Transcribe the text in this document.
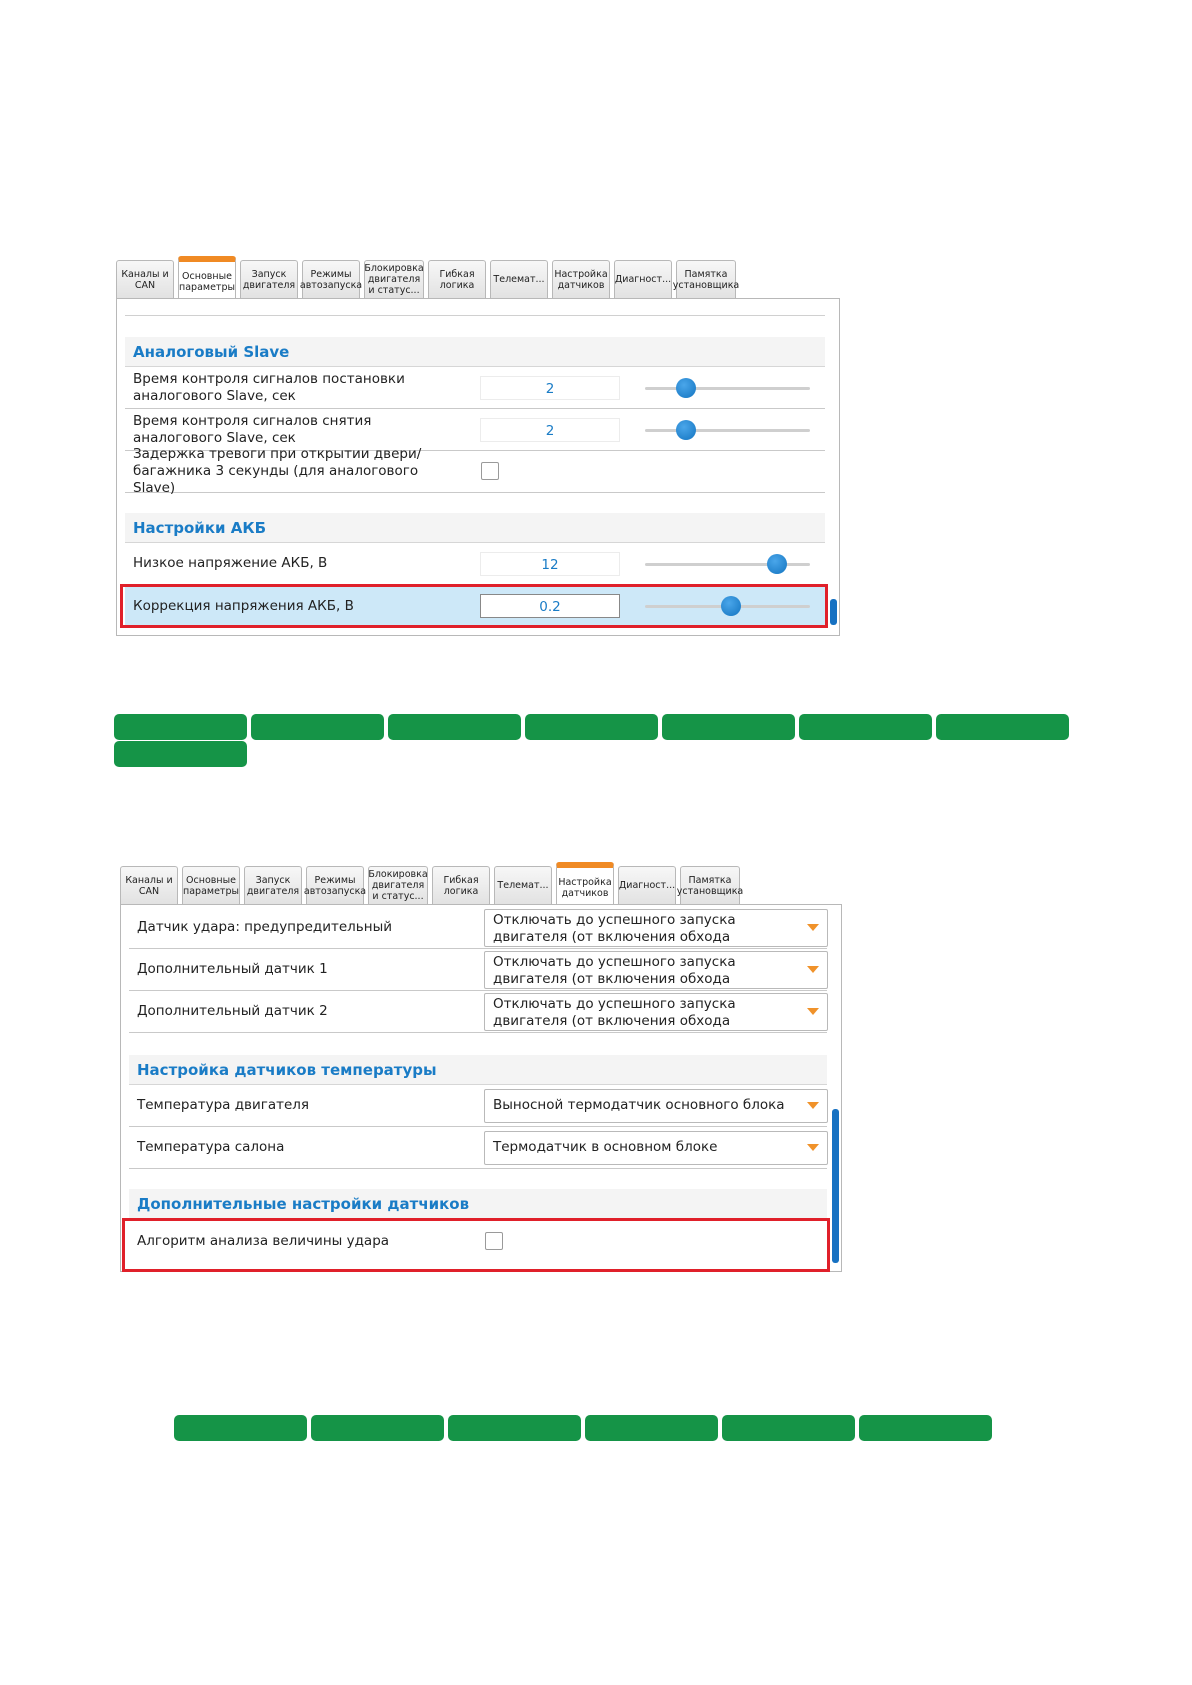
Каналы и
CAN
Основные
параметры
Запуск
двигателя
Режимы
автозапуска
Блокировка
двигателя
и статус...
Гибкая
логика	Телемат...	Настройка
датчиков	Диагност...	Памятка
установщика
Аналоговый Slave
Время контроля сигналов постановки аналогового Slave, сек	2
Время контроля сигналов снятия аналогового Slave, сек	2
Задержка тревоги при открытии двери/багажника 3 секунды (для аналогового Slave)
Настройки АКБ
Низкое напряжение АКБ, В	12
Коррекция напряжения АКБ, В	0.2
Каналы и
CAN
Основные
параметры
Запуск
двигателя
Режимы
автозапуска
Блокировка
двигателя
и статус...
Гибкая
логика	Телемат...	Настройка
датчиков
Диагност...	Памятка
установщика
Датчик удара: предупредительный	Отключать до успешного запуска двигателя (от включения обхода
Дополнительный датчик 1	Отключать до успешного запуска двигателя (от включения обхода
Дополнительный датчик 2	Отключать до успешного запуска двигателя (от включения обхода
Настройка датчиков температуры
Температура двигателя	Выносной термодатчик основного блока
Температура салона	Термодатчик в основном блоке
Дополнительные настройки датчиков
Алгоритм анализа величины удара
